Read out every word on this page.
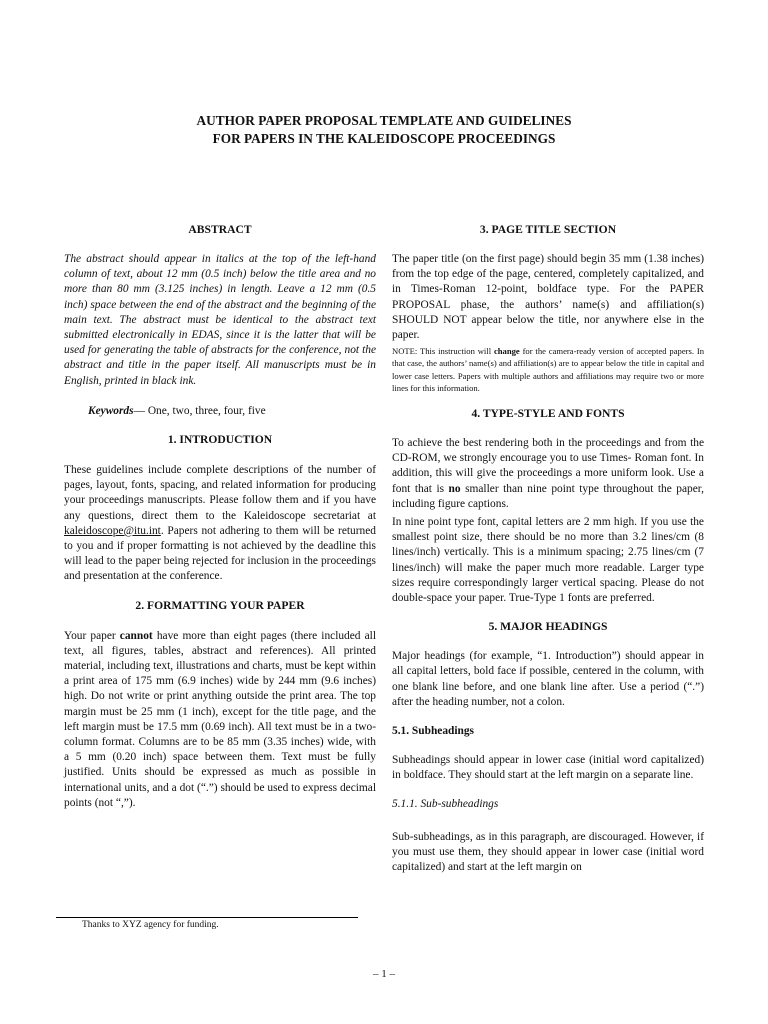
AUTHOR PAPER PROPOSAL TEMPLATE AND GUIDELINES
FOR PAPERS IN THE KALEIDOSCOPE PROCEEDINGS

ABSTRACT

The abstract should appear in italics at the top of the left-hand column of text, about 12 mm (0.5 inch) below the title area and no more than 80 mm (3.125 inches) in length. Leave a 12 mm (0.5 inch) space between the end of the abstract and the beginning of the main text. The abstract must be identical to the abstract text submitted electronically in EDAS, since it is the latter that will be used for generating the table of abstracts for the conference, not the abstract and title in the paper itself. All manuscripts must be in English, printed in black ink.

Keywords— One, two, three, four, five

1. INTRODUCTION

These guidelines include complete descriptions of the number of pages, layout, fonts, spacing, and related information for producing your proceedings manuscripts. Please follow them and if you have any questions, direct them to the Kaleidoscope secretariat at kaleidoscope@itu.int. Papers not adhering to them will be returned to you and if proper formatting is not achieved by the deadline this will lead to the paper being rejected for inclusion in the proceedings and presentation at the conference.

2. FORMATTING YOUR PAPER

Your paper cannot have more than eight pages (there included all text, all figures, tables, abstract and references). All printed material, including text, illustrations and charts, must be kept within a print area of 175 mm (6.9 inches) wide by 244 mm (9.6 inches) high. Do not write or print anything outside the print area. The top margin must be 25 mm (1 inch), except for the title page, and the left margin must be 17.5 mm (0.69 inch). All text must be in a two-column format. Columns are to be 85 mm (3.35 inches) wide, with a 5 mm (0.20 inch) space between them. Text must be fully justified. Units should be expressed as much as possible in international units, and a dot (“.”) should be used to express decimal points (not “,”).

3. PAGE TITLE SECTION

The paper title (on the first page) should begin 35 mm (1.38 inches) from the top edge of the page, centered, completely capitalized, and in Times-Roman 12-point, boldface type. For the PAPER PROPOSAL phase, the authors’ name(s) and affiliation(s) SHOULD NOT appear below the title, nor anywhere else in the paper.

NOTE: This instruction will change for the camera-ready version of accepted papers. In that case, the authors’ name(s) and affiliation(s) are to appear below the title in capital and lower case letters. Papers with multiple authors and affiliations may require two or more lines for this information.

4. TYPE-STYLE AND FONTS

To achieve the best rendering both in the proceedings and from the CD-ROM, we strongly encourage you to use Times- Roman font. In addition, this will give the proceedings a more uniform look. Use a font that is no smaller than nine point type throughout the paper, including figure captions.

In nine point type font, capital letters are 2 mm high. If you use the smallest point size, there should be no more than 3.2 lines/cm (8 lines/inch) vertically. This is a minimum spacing; 2.75 lines/cm (7 lines/inch) will make the paper much more readable. Larger type sizes require correspondingly larger vertical spacing. Please do not double-space your paper. True-Type 1 fonts are preferred.

5. MAJOR HEADINGS

Major headings (for example, “1. Introduction”) should appear in all capital letters, bold face if possible, centered in the column, with one blank line before, and one blank line after. Use a period (“.”) after the heading number, not a colon.

5.1. Subheadings

Subheadings should appear in lower case (initial word capitalized) in boldface. They should start at the left margin on a separate line.

5.1.1. Sub-subheadings

Sub-subheadings, as in this paragraph, are discouraged. However, if you must use them, they should appear in lower case (initial word capitalized) and start at the left margin on

Thanks to XYZ agency for funding.
– 1 –
